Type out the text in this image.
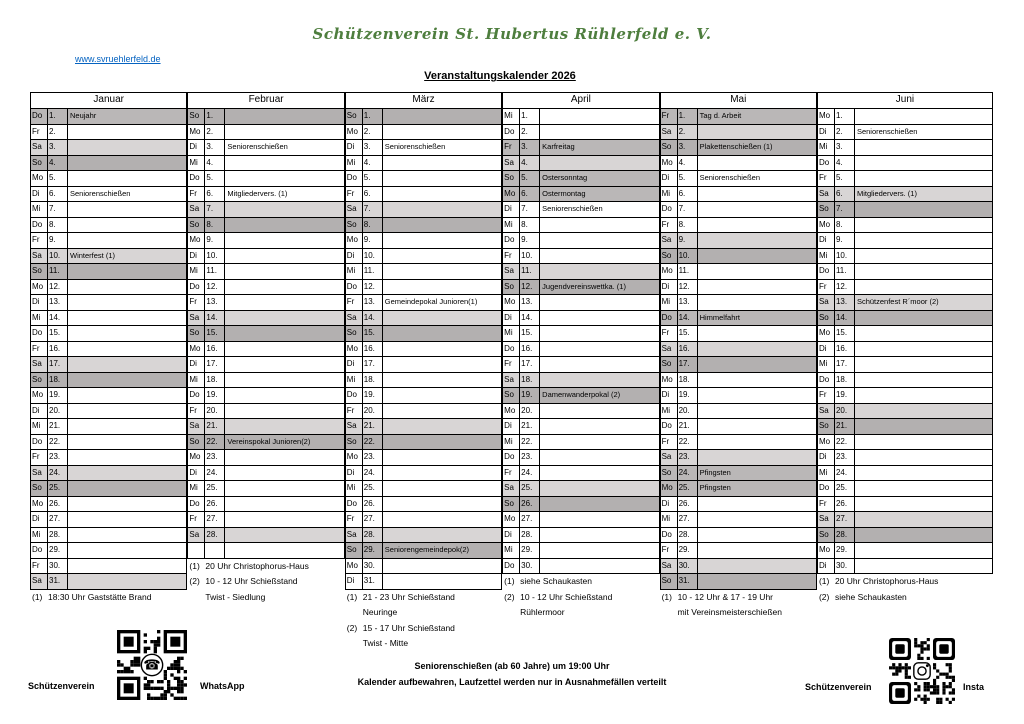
Schützenverein St. Hubertus Rühlerfeld e. V.
www.svruehlerfeld.de
Veranstaltungskalender 2026
Januar
Do 1.	Neujahr
Fr	2.
Sa 3.
So 4.
Mo 5.
Di	6.	Seniorenschießen
Mi	7.
Do 8.
Fr	9.
Sa 10.	Winterfest (1)
So 11.
Mo 12.
Di	13.
Mi	14.
Do 15.
Fr	16.
Sa 17.
So 18.
Mo 19.
Di	20.
Mi	21.
Do 22.
Fr	23.
Sa 24.
So 25.
Mo 26.
Di	27.
Mi	28.
Do 29.
Fr	30.
Sa 31.
(1) 18:30 Uhr Gaststätte Brand
Februar
So 1.
Mo 2.
Di	3.	Seniorenschießen
Mi	4.
Do 5.
Fr	6.	Mitgliedervers. (1)
Sa 7.
So 8.
Mo 9.
Di	10.
Mi	11.
Do 12.
Fr	13.
Sa 14.
So 15.
Mo 16.
Di	17.
Mi	18.
Do 19.
Fr	20.
Sa 21.
So 22.	Vereinspokal Junioren(2)
Mo 23.
Di	24.
Mi	25.
Do 26.
Fr	27.
Sa 28.
(1) 20 Uhr Christophorus-Haus
(2) 10 - 12 Uhr Schießstand
Twist - Siedlung
März
So 1.
Mo 2.
Di	3.	Seniorenschießen
Mi	4.
Do 5.
Fr	6.
Sa 7.
So 8.
Mo 9.
Di	10.
Mi	11.
Do 12.
Fr	13.	Gemeindepokal Junioren(1)
Sa 14.
So 15.
Mo 16.
Di	17.
Mi	18.
Do 19.
Fr	20.
Sa 21.
So 22.
Mo 23.
Di	24.
Mi	25.
Do 26.
Fr	27.
Sa 28.
So 29.	Seniorengemeindepok(2)
Mo 30.
Di	31.
(1) 21 - 23 Uhr Schießstand
Neuringe
(2) 15 - 17 Uhr Schießstand
Twist - Mitte
April
Mi	1.
Do 2.
Fr	3.	Karfreitag
Sa 4.
So 5.	Ostersonntag
Mo 6.	Ostermontag
Di	7.	Seniorenschießen
Mi	8.
Do 9.
Fr	10.
Sa 11.
So 12.	Jugendvereinswettka. (1)
Mo 13.
Di	14.
Mi	15.
Do 16.
Fr	17.
Sa 18.
So 19.	Damenwanderpokal (2)
Mo 20.
Di	21.
Mi	22.
Do 23.
Fr	24.
Sa 25.
So 26.
Mo 27.
Di	28.
Mi	29.
Do 30.
(1) siehe Schaukasten
(2) 10 - 12 Uhr Schießstand
Rühlermoor
Mai
Fr	1.	Tag d. Arbeit
Sa 2.
So 3.	Plakettenschießen (1)
Mo 4.
Di	5.	Seniorenschießen
Mi	6.
Do 7.
Fr	8.
Sa 9.
So 10.
Mo 11.
Di	12.
Mi	13.
Do 14.	Himmelfahrt
Fr	15.
Sa 16.
So 17.
Mo 18.
Di	19.
Mi	20.
Do 21.
Fr	22.
Sa 23.
So 24.	Pfingsten
Mo 25.	Pfingsten
Di	26.
Mi	27.
Do 28.
Fr	29.
Sa 30.
So 31.
(1) 10 - 12 Uhr & 17 - 19 Uhr
mit Vereinsmeisterschießen
Juni
Mo 1.
Di	2.	Seniorenschießen
Mi	3.
Do 4.
Fr	5.
Sa 6.	Mitgliedervers. (1)
So 7.
Mo 8.
Di	9.
Mi	10.
Do 11.
Fr	12.
Sa 13.	Schützenfest R´moor (2)
So 14.
Mo 15.
Di	16.
Mi	17.
Do 18.
Fr	19.
Sa 20.
So 21.
Mo 22.
Di	23.
Mi	24.
Do 25.
Fr	26.
Sa 27.
So 28.
Mo 29.
Di	30.
(1) 20 Uhr Christophorus-Haus
(2) siehe Schaukasten
Seniorenschießen (ab 60 Jahre) um 19:00 Uhr
Kalender aufbewahren, Laufzettel werden nur in Ausnahmefällen verteilt
Schützenverein
☎
WhatsApp	Schützenverein	Insta
